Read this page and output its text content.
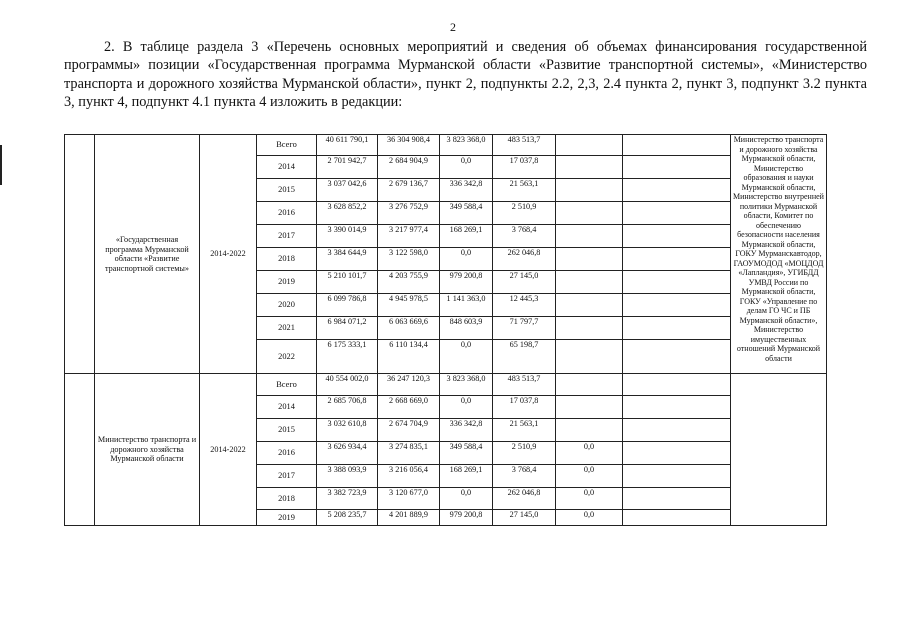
2
2. В таблице раздела 3 «Перечень основных мероприятий и сведения об объемах финансирования государственной программы» позиции «Государственная программа Мурманской области «Развитие транспортной системы», «Министерство транспорта и дорожного хозяйства Мурманской области», пункт 2, подпункты 2.2, 2,3, 2.4 пункта 2, пункт 3, подпункт 3.2 пункта 3, пункт 4, подпункт 4.1 пункта 4 изложить в редакции:
	«Государственная программа Мурманской области «Развитие транспортной системы»	2014-2022	Всего	40 611 790,1	36 304 908,4	3 823 368,0	483 513,7			Министерство транспорта и дорожного хозяйства Мурманской области, Министерство образования и науки Мурманской области, Министерство внутренней политики Мурманской области, Комитет по обеспечению безопасности населения Мурманской области, ГОКУ Мурманскавтодор, ГАОУМОДОД «МОЦДОД «Лапландия», УГИБДД УМВД России по Мурманской области, ГОКУ «Управление по делам ГО ЧС и ПБ Мурманской области», Министерство имущественных отношений Мурманской области
			2014	2 701 942,7	2 684 904,9	0,0	17 037,8			
			2015	3 037 042,6	2 679 136,7	336 342,8	21 563,1			
			2016	3 628 852,2	3 276 752,9	349 588,4	2 510,9			
			2017	3 390 014,9	3 217 977,4	168 269,1	3 768,4			
			2018	3 384 644,9	3 122 598,0	0,0	262 046,8			
			2019	5 210 101,7	4 203 755,9	979 200,8	27 145,0			
			2020	6 099 786,8	4 945 978,5	1 141 363,0	12 445,3			
			2021	6 984 071,2	6 063 669,6	848 603,9	71 797,7			
			2022	6 175 333,1	6 110 134,4	0,0	65 198,7			
	Министерство транспорта и дорожного хозяйства Мурманской области	2014-2022	Всего	40 554 002,0	36 247 120,3	3 823 368,0	483 513,7			
			2014	2 685 706,8	2 668 669,0	0,0	17 037,8			
			2015	3 032 610,8	2 674 704,9	336 342,8	21 563,1			
			2016	3 626 934,4	3 274 835,1	349 588,4	2 510,9	0,0		
			2017	3 388 093,9	3 216 056,4	168 269,1	3 768,4	0,0		
			2018	3 382 723,9	3 120 677,0	0,0	262 046,8	0,0		
			2019	5 208 235,7	4 201 889,9	979 200,8	27 145,0	0,0		
